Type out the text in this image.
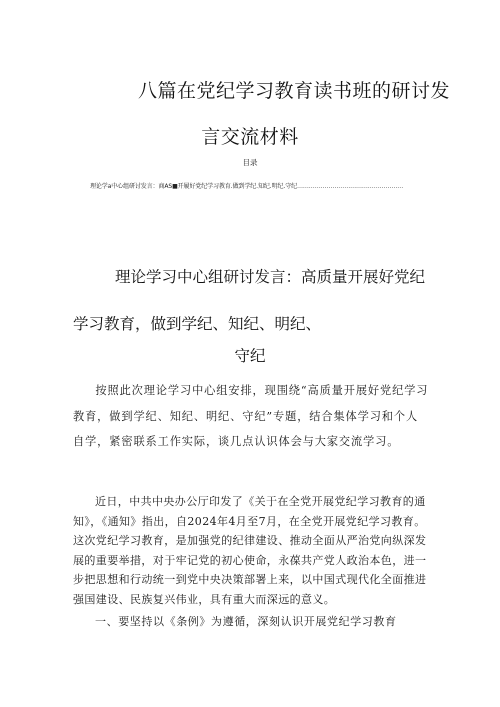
八篇在党纪学习教育读书班的研讨发
言交流材料
目录
理论学a中心组研讨发言：商AS■开履好党纪学习教育.做到学纪.知纪.明纪.守纪………………………………………………
理论学习中心组研讨发言：高质量开展好党纪
学习教育，做到学纪、知纪、明纪、
守纪

按照此次理论学习中心组安排，现围绕“高质量开展好党纪学习教育，做到学纪、知纪、明纪、守纪”专题，结合集体学习和个人自学，紧密联系工作实际，谈几点认识体会与大家交流学习。

近日，中共中央办公厅印发了《关于在全党开展党纪学习教育的通知》，《通知》指出，自2024年4月至7月，在全党开展党纪学习教育。这次党纪学习教育，是加强党的纪律建设、推动全面从严治党向纵深发展的重要举措，对于牢记党的初心使命，永葆共产党人政治本色，进一步把思想和行动统一到党中央决策部署上来，以中国式现代化全面推进强国建设、民族复兴伟业，具有重大而深远的意义。

一、要坚持以《条例》为遵循，深刻认识开展党纪学习教育
